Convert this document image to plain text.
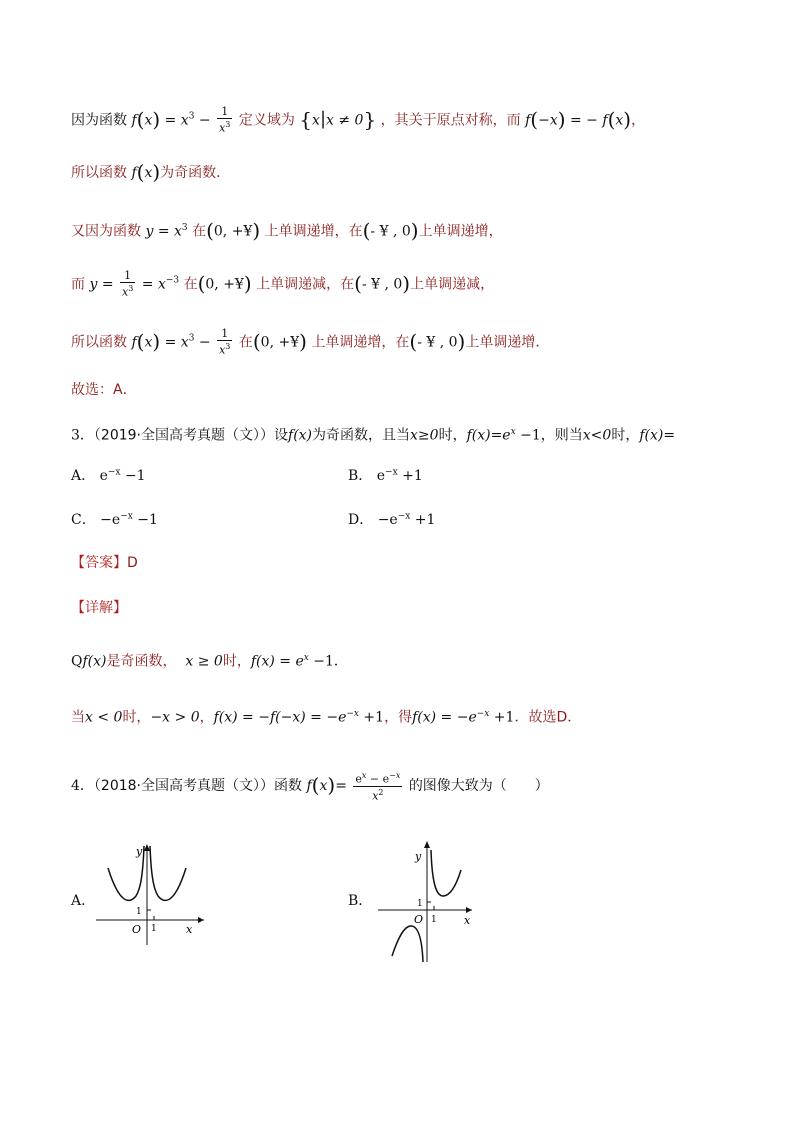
因为函数 $f(x) = x^3 - \frac{1}{x^3}$ 定义域为 {x|x ≠ 0} ，其关于原点对称，而 f(−x) = − f(x)，
所以函数 f(x)为奇函数．
又因为函数 $y = x^3$ 在(0, +¥) 上单调递增，在(- ¥ , 0)上单调递增，
而 $y = \frac{1}{x^3} = x^{-3}$ 在(0, +¥) 上单调递减，在(- ¥ , 0)上单调递减，
所以函数 $f(x) = x^3 - \frac{1}{x^3}$ 在(0, +¥) 上单调递增，在(- ¥ , 0)上单调递增．
故选：A．
3．（2019·全国高考真题（文））设f(x)为奇函数，且当x≥0时，$f(x)=e^x -1$，则当x<0时，f(x)=
A． $e^{-x} -1$	B． $e^{-x} +1$
C． $-e^{-x} -1$	D． $-e^{-x} +1$
【答案】D
【详解】
Qf(x)是奇函数， x ≥ 0时，$f(x) = e^x -1$．
当x < 0时，−x > 0，$f(x) = -f(-x) = -e^{-x} +1$，得$f(x) = -e^{-x} +1$．故选D．
4．（2018·全国高考真题（文））函数 $f(x)= \frac{e^x - e^{-x}}{x^2}$ 的图像大致为（　　）
A．
y
x
O
1
1
B．
y
x
O
1
1
